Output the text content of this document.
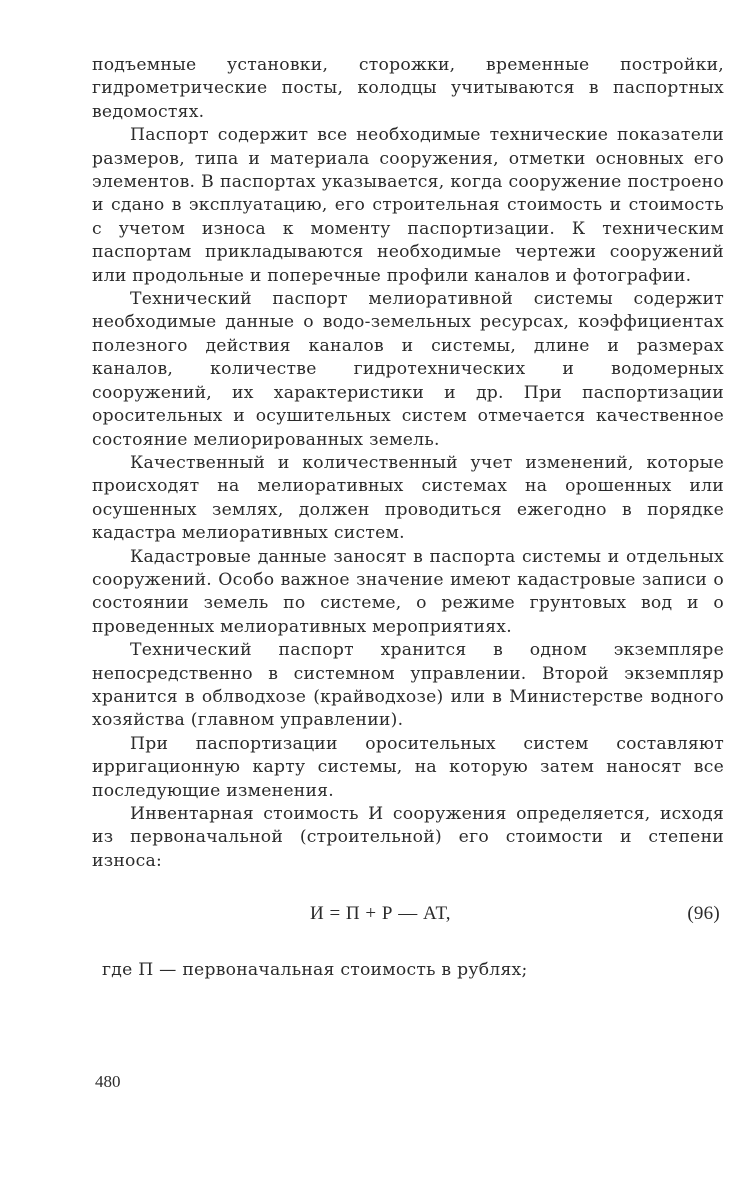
подъемные установки, сторожки, временные постройки, гидрометрические посты, колодцы учитываются в паспортных ведомостях.

Паспорт содержит все необходимые технические показатели размеров, типа и материала сооружения, отметки основных его элементов. В паспортах указывается, когда сооружение построено и сдано в эксплуатацию, его строительная стоимость и стоимость с учетом износа к моменту паспортизации. К техническим паспортам прикладываются необходимые чертежи сооружений или продольные и поперечные профили каналов и фотографии.

Технический паспорт мелиоративной системы содержит необходимые данные о водо-земельных ресурсах, коэффициентах полезного действия каналов и системы, длине и размерах каналов, количестве гидротехнических и водомерных сооружений, их характеристики и др. При паспортизации оросительных и осушительных систем отмечается качественное состояние мелиорированных земель.

Качественный и количественный учет изменений, которые происходят на мелиоративных системах на орошенных или осушенных землях, должен проводиться ежегодно в порядке кадастра мелиоративных систем.

Кадастровые данные заносят в паспорта системы и отдельных сооружений. Особо важное значение имеют кадастровые записи о состоянии земель по системе, о режиме грунтовых вод и о проведенных мелиоративных мероприятиях.

Технический паспорт хранится в одном экземпляре непосредственно в системном управлении. Второй экземпляр хранится в облводхозе (крайводхозе) или в Министерстве водного хозяйства (главном управлении).

При паспортизации оросительных систем составляют ирригационную карту системы, на которую затем наносят все последующие изменения.

Инвентарная стоимость И сооружения определяется, исходя из первоначальной (строительной) его стоимости и степени износа:

И = П + Р — АТ,	(96)

где П — первоначальная стоимость в рублях;

480
